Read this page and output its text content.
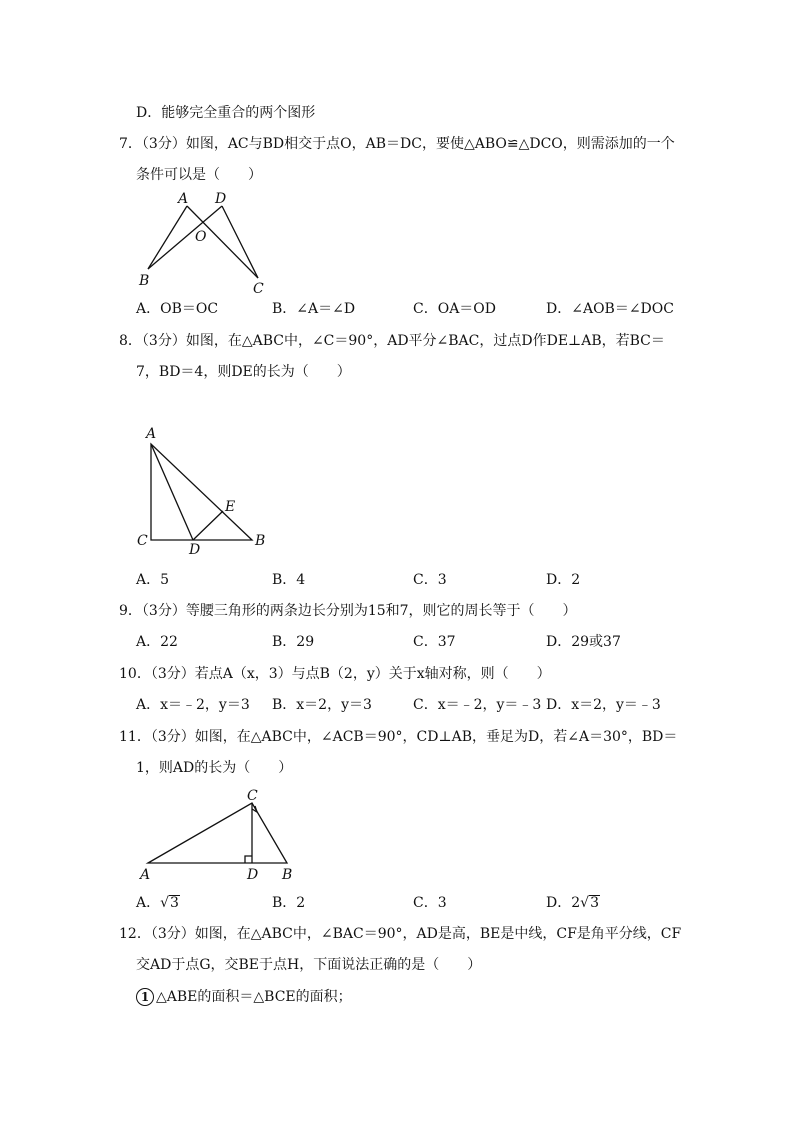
D．能够完全重合的两个图形
7．（3分）如图，AC与BD相交于点O，AB＝DC，要使△ABO≌△DCO，则需添加的一个
条件可以是（　　）
A D
O
B	C
A．OB＝OC	B．∠A＝∠D	C．OA＝OD	D．∠AOB＝∠DOC
8．（3分）如图，在△ABC中，∠C＝90°，AD平分∠BAC，过点D作DE⊥AB，若BC＝
7，BD＝4，则DE的长为（　　）
A
C
D
E
B
A．5	B．4	C．3	D．2
9．（3分）等腰三角形的两条边长分别为15和7，则它的周长等于（　　）
A．22	B．29	C．37	D．29或37
10．（3分）若点A（x，3）与点B（2，y）关于x轴对称，则（　　）
A．x＝﹣2，y＝3 B．x＝2，y＝3	C．x＝﹣2，y＝﹣3 D．x＝2，y＝﹣3
11．（3分）如图，在△ABC中，∠ACB＝90°，CD⊥AB，垂足为D，若∠A＝30°，BD＝
1，则AD的长为（　　）
C
A	D B
A．√3	B．2	C．3	D．2√3
12．（3分）如图，在△ABC中，∠BAC＝90°，AD是高，BE是中线，CF是角平分线，CF
交AD于点G，交BE于点H，下面说法正确的是（　　）
1 △ABE的面积＝△BCE的面积；
